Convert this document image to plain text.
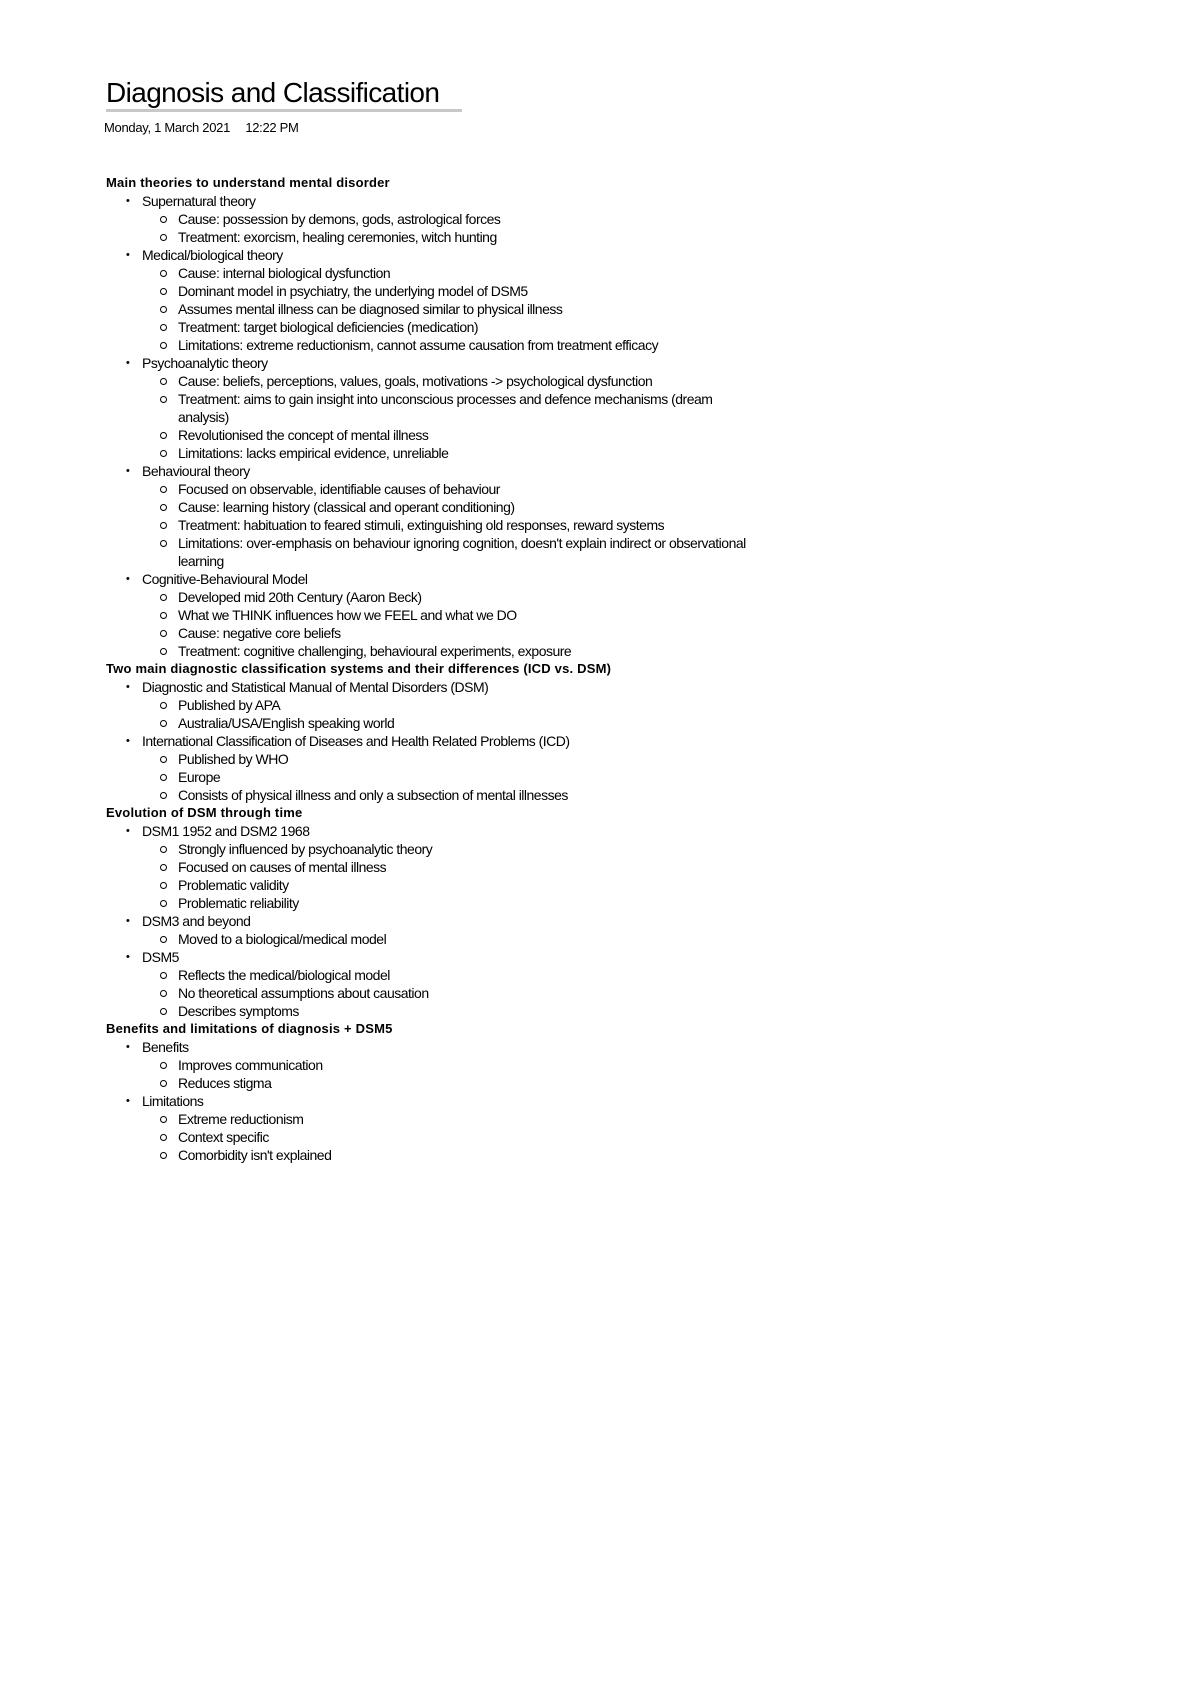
Diagnosis and Classification
Monday, 1 March 2021 12:22 PM
Main theories to understand mental disorder
• Supernatural theory
Cause: possession by demons, gods, astrological forces
Treatment: exorcism, healing ceremonies, witch hunting
• Medical/biological theory
Cause: internal biological dysfunction
Dominant model in psychiatry, the underlying model of DSM5
Assumes mental illness can be diagnosed similar to physical illness
Treatment: target biological deficiencies (medication)
Limitations: extreme reductionism, cannot assume causation from treatment efficacy
• Psychoanalytic theory
Cause: beliefs, perceptions, values, goals, motivations -> psychological dysfunction
Treatment: aims to gain insight into unconscious processes and defence mechanisms (dream analysis)
Revolutionised the concept of mental illness
Limitations: lacks empirical evidence, unreliable
• Behavioural theory
Focused on observable, identifiable causes of behaviour
Cause: learning history (classical and operant conditioning)
Treatment: habituation to feared stimuli, extinguishing old responses, reward systems
Limitations: over-emphasis on behaviour ignoring cognition, doesn't explain indirect or observational learning
• Cognitive-Behavioural Model
Developed mid 20th Century (Aaron Beck)
What we THINK influences how we FEEL and what we DO
Cause: negative core beliefs
Treatment: cognitive challenging, behavioural experiments, exposure
Two main diagnostic classification systems and their differences (ICD vs. DSM)
• Diagnostic and Statistical Manual of Mental Disorders (DSM)
Published by APA
Australia/USA/English speaking world
• International Classification of Diseases and Health Related Problems (ICD)
Published by WHO
Europe
Consists of physical illness and only a subsection of mental illnesses
Evolution of DSM through time
• DSM1 1952 and DSM2 1968
Strongly influenced by psychoanalytic theory
Focused on causes of mental illness
Problematic validity
Problematic reliability
• DSM3 and beyond
Moved to a biological/medical model
• DSM5
Reflects the medical/biological model
No theoretical assumptions about causation
Describes symptoms
Benefits and limitations of diagnosis + DSM5
• Benefits
Improves communication
Reduces stigma
• Limitations
Extreme reductionism
Context specific
Comorbidity isn't explained
